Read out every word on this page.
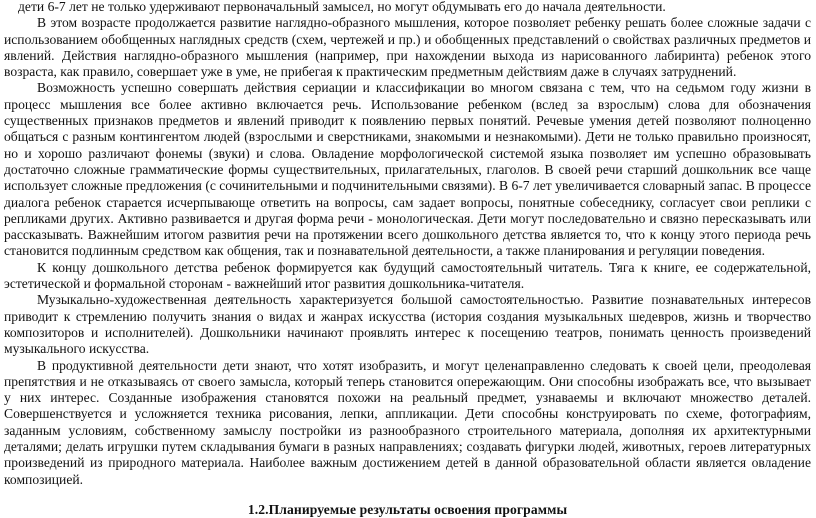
дети 6-7 лет не только удерживают первоначальный замысел, но могут обдумывать его до начала деятельности.

В этом возрасте продолжается развитие наглядно-образного мышления, которое позволяет ребенку решать более сложные задачи с использованием обобщенных наглядных средств (схем, чертежей и пр.) и обобщенных представлений о свойствах различных предметов и явлений. Действия наглядно-образного мышления (например, при нахождении выхода из нарисованного лабиринта) ребенок этого возраста, как правило, совершает уже в уме, не прибегая к практическим предметным действиям даже в случаях затруднений.

Возможность успешно совершать действия сериации и классификации во многом связана с тем, что на седьмом году жизни в процесс мышления все более активно включается речь. Использование ребенком (вслед за взрослым) слова для обозначения существенных признаков предметов и явлений приводит к появлению первых понятий. Речевые умения детей позволяют полноценно общаться с разным контингентом людей (взрослыми и сверстниками, знакомыми и незнакомыми). Дети не только правильно произносят, но и хорошо различают фонемы (звуки) и слова. Овладение морфологической системой языка позволяет им успешно образовывать достаточно сложные грамматические формы существительных, прилагательных, глаголов. В своей речи старший дошкольник все чаще использует сложные предложения (с сочинительными и подчинительными связями). В 6-7 лет увеличивается словарный запас. В процессе диалога ребенок старается исчерпывающе ответить на вопросы, сам задает вопросы, понятные собеседнику, согласует свои реплики с репликами других. Активно развивается и другая форма речи - монологическая. Дети могут последовательно и связно пересказывать или рассказывать. Важнейшим итогом развития речи на протяжении всего дошкольного детства является то, что к концу этого периода речь становится подлинным средством как общения, так и познавательной деятельности, а также планирования и регуляции поведения.

К концу дошкольного детства ребенок формируется как будущий самостоятельный читатель. Тяга к книге, ее содержательной, эстетической и формальной сторонам - важнейший итог развития дошкольника-читателя.

Музыкально-художественная деятельность характеризуется большой самостоятельностью. Развитие познавательных интересов приводит к стремлению получить знания о видах и жанрах искусства (история создания музыкальных шедевров, жизнь и творчество композиторов и исполнителей). Дошкольники начинают проявлять интерес к посещению театров, понимать ценность произведений музыкального искусства.

В продуктивной деятельности дети знают, что хотят изобразить, и могут целенаправленно следовать к своей цели, преодолевая препятствия и не отказываясь от своего замысла, который теперь становится опережающим. Они способны изображать все, что вызывает у них интерес. Созданные изображения становятся похожи на реальный предмет, узнаваемы и включают множество деталей. Совершенствуется и усложняется техника рисования, лепки, аппликации. Дети способны конструировать по схеме, фотографиям, заданным условиям, собственному замыслу постройки из разнообразного строительного материала, дополняя их архитектурными деталями; делать игрушки путем складывания бумаги в разных направлениях; создавать фигурки людей, животных, героев литературных произведений из природного материала. Наиболее важным достижением детей в данной образовательной области является овладение композицией.

1.2.Планируемые результаты освоения программы
